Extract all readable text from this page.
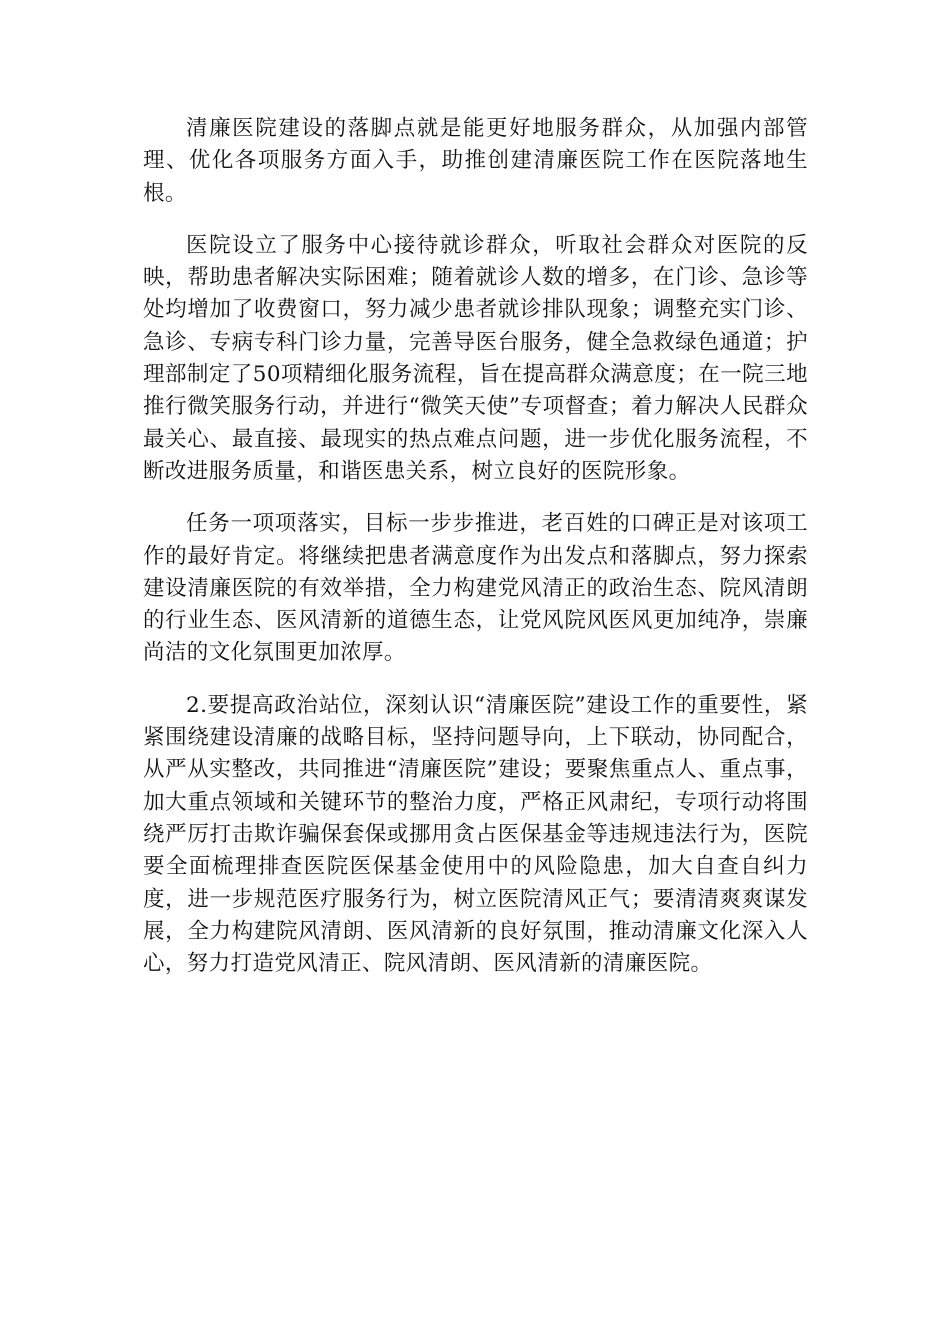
清廉医院建设的落脚点就是能更好地服务群众，从加强内部管理、优化各项服务方面入手，助推创建清廉医院工作在医院落地生根。

医院设立了服务中心接待就诊群众，听取社会群众对医院的反映，帮助患者解决实际困难；随着就诊人数的增多，在门诊、急诊等处均增加了收费窗口，努力减少患者就诊排队现象；调整充实门诊、急诊、专病专科门诊力量，完善导医台服务，健全急救绿色通道；护理部制定了50项精细化服务流程，旨在提高群众满意度；在一院三地推行微笑服务行动，并进行“微笑天使”专项督查；着力解决人民群众最关心、最直接、最现实的热点难点问题，进一步优化服务流程，不断改进服务质量，和谐医患关系，树立良好的医院形象。

任务一项项落实，目标一步步推进，老百姓的口碑正是对该项工作的最好肯定。将继续把患者满意度作为出发点和落脚点，努力探索建设清廉医院的有效举措，全力构建党风清正的政治生态、院风清朗的行业生态、医风清新的道德生态，让党风院风医风更加纯净，崇廉尚洁的文化氛围更加浓厚。

2.要提高政治站位，深刻认识“清廉医院”建设工作的重要性，紧紧围绕建设清廉的战略目标，坚持问题导向，上下联动，协同配合，从严从实整改，共同推进“清廉医院”建设；要聚焦重点人、重点事，加大重点领域和关键环节的整治力度，严格正风肃纪，专项行动将围绕严厉打击欺诈骗保套保或挪用贪占医保基金等违规违法行为，医院要全面梳理排查医院医保基金使用中的风险隐患，加大自查自纠力度，进一步规范医疗服务行为，树立医院清风正气；要清清爽爽谋发展，全力构建院风清朗、医风清新的良好氛围，推动清廉文化深入人心，努力打造党风清正、院风清朗、医风清新的清廉医院。
